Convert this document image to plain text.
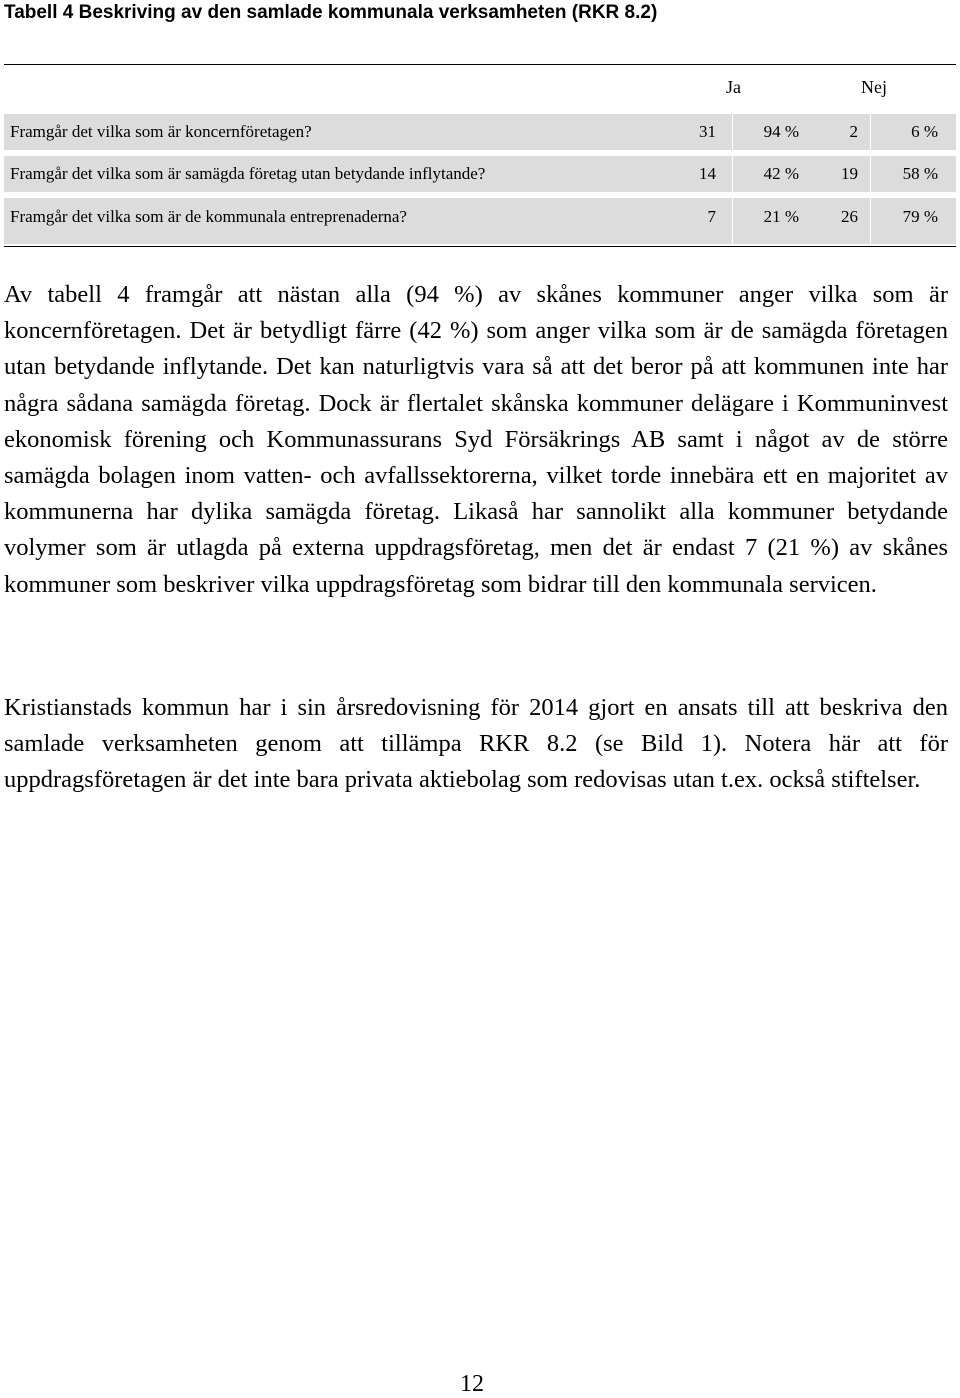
Tabell 4 Beskriving av den samlade kommunala verksamheten (RKR 8.2)
Ja	Nej
Framgår det vilka som är koncernföretagen?	31	94 %	2	6 %
Framgår det vilka som är samägda företag utan betydande inflytande?	14	42 %	19	58 %
Framgår det vilka som är de kommunala entreprenaderna?	7	21 %	26	79 %

Av tabell 4 framgår att nästan alla (94 %) av skånes kommuner anger vilka som är koncernföretagen. Det är betydligt färre (42 %) som anger vilka som är de samägda företagen utan betydande inflytande. Det kan naturligtvis vara så att det beror på att kommunen inte har några sådana samägda företag. Dock är flertalet skånska kommuner delägare i Kommuninvest ekonomisk förening och Kommunassurans Syd Försäkrings AB samt i något av de större samägda bolagen inom vatten- och avfallssektorerna, vilket torde innebära ett en majoritet av kommunerna har dylika samägda företag. Likaså har sannolikt alla kommuner betydande volymer som är utlagda på externa uppdragsföretag, men det är endast 7 (21 %) av skånes kommuner som beskriver vilka uppdragsföretag som bidrar till den kommunala servicen.

Kristianstads kommun har i sin årsredovisning för 2014 gjort en ansats till att beskriva den samlade verksamheten genom att tillämpa RKR 8.2 (se Bild 1). Notera här att för uppdragsföretagen är det inte bara privata aktiebolag som redovisas utan t.ex. också stiftelser.

12
